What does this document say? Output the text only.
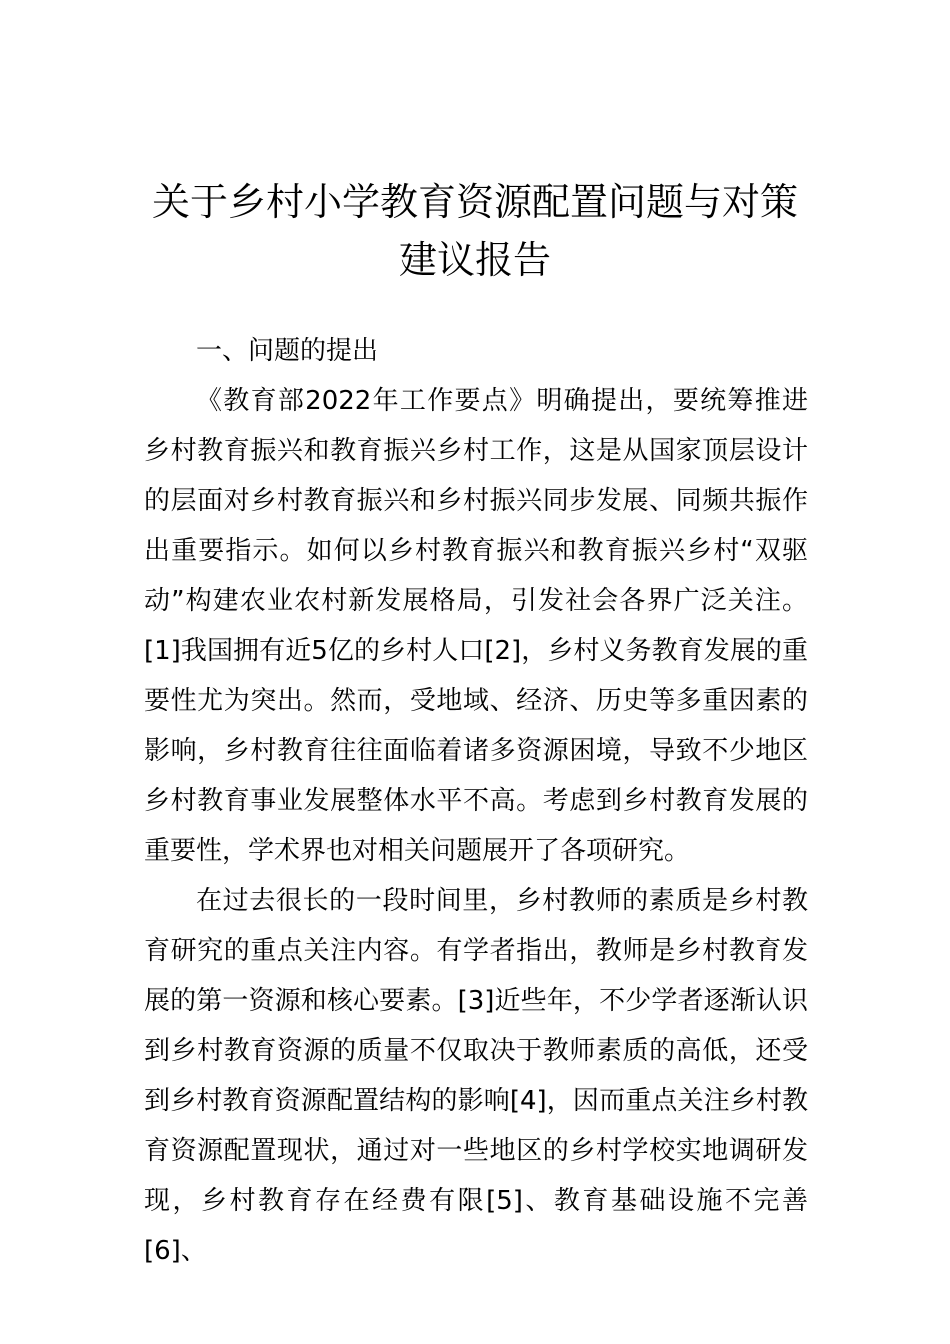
关于乡村小学教育资源配置问题与对策建议报告
一、问题的提出

《教育部2022年工作要点》明确提出，要统筹推进乡村教育振兴和教育振兴乡村工作，这是从国家顶层设计的层面对乡村教育振兴和乡村振兴同步发展、同频共振作出重要指示。如何以乡村教育振兴和教育振兴乡村“双驱动”构建农业农村新发展格局，引发社会各界广泛关注。[1]我国拥有近5亿的乡村人口[2]，乡村义务教育发展的重要性尤为突出。然而，受地域、经济、历史等多重因素的影响，乡村教育往往面临着诸多资源困境，导致不少地区乡村教育事业发展整体水平不高。考虑到乡村教育发展的重要性，学术界也对相关问题展开了各项研究。

在过去很长的一段时间里，乡村教师的素质是乡村教育研究的重点关注内容。有学者指出，教师是乡村教育发展的第一资源和核心要素。[3]近些年，不少学者逐渐认识到乡村教育资源的质量不仅取决于教师素质的高低，还受到乡村教育资源配置结构的影响[4]，因而重点关注乡村教育资源配置现状，通过对一些地区的乡村学校实地调研发现，乡村教育存在经费有限[5]、教育基础设施不完善[6]、
